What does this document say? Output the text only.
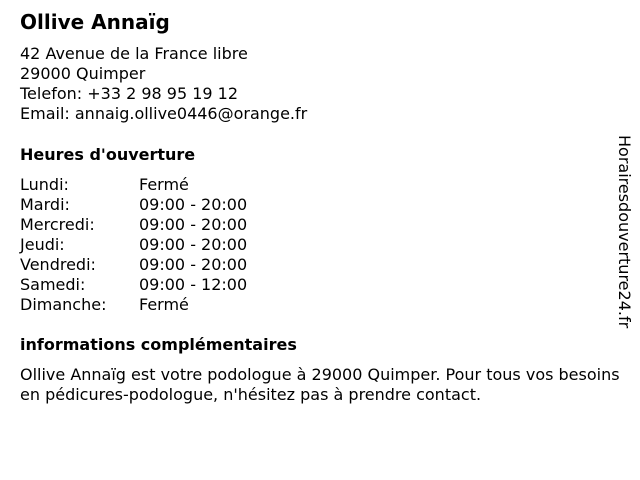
Ollive Annaïg
42 Avenue de la France libre
29000 Quimper
Telefon: +33 2 98 95 19 12
Email: annaig.ollive0446@orange.fr
Heures d'ouverture
Lundi:	Fermé
Mardi:	09:00 - 20:00
Mercredi:	09:00 - 20:00
Jeudi:	09:00 - 20:00
Vendredi:	09:00 - 20:00
Samedi:	09:00 - 12:00
Dimanche: Fermé
informations complémentaires
Ollive Annaïg est votre podologue à 29000 Quimper. Pour tous vos besoins en pédicures-podologue, n'hésitez pas à prendre contact.
Horairesdouverture24.fr
